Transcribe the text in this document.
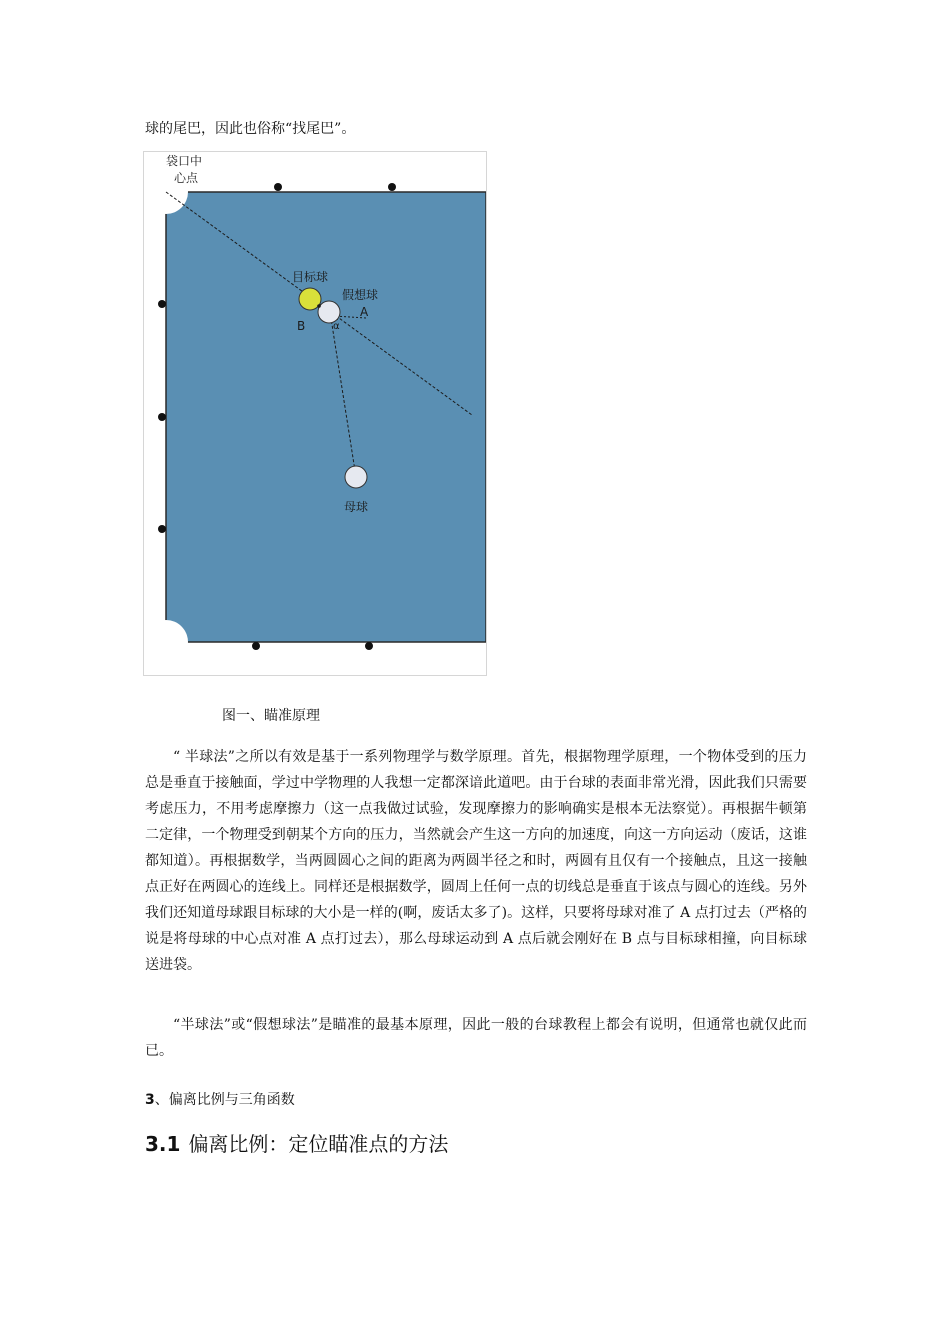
球的尾巴，因此也俗称“找尾巴”。
袋口中
心点
目标球
假想球
A
B	α
母球
图一、瞄准原理

“ 半球法”之所以有效是基于一系列物理学与数学原理。首先，根据物理学原理，一个物体受到的压力总是垂直于接触面，学过中学物理的人我想一定都深谙此道吧。由于台球的表面非常光滑，因此我们只需要考虑压力，不用考虑摩擦力（这一点我做过试验，发现摩擦力的影响确实是根本无法察觉）。再根据牛顿第二定律，一个物理受到朝某个方向的压力，当然就会产生这一方向的加速度，向这一方向运动（废话，这谁都知道）。再根据数学，当两圆圆心之间的距离为两圆半径之和时，两圆有且仅有一个接触点，且这一接触点正好在两圆心的连线上。同样还是根据数学，圆周上任何一点的切线总是垂直于该点与圆心的连线。另外我们还知道母球跟目标球的大小是一样的(啊，废话太多了)。这样，只要将母球对准了 A 点打过去（严格的说是将母球的中心点对准 A 点打过去），那么母球运动到 A 点后就会刚好在 B 点与目标球相撞，向目标球送进袋。

“半球法”或“假想球法”是瞄准的最基本原理，因此一般的台球教程上都会有说明，但通常也就仅此而已。

3、偏离比例与三角函数
3.1 偏离比例：定位瞄准点的方法
